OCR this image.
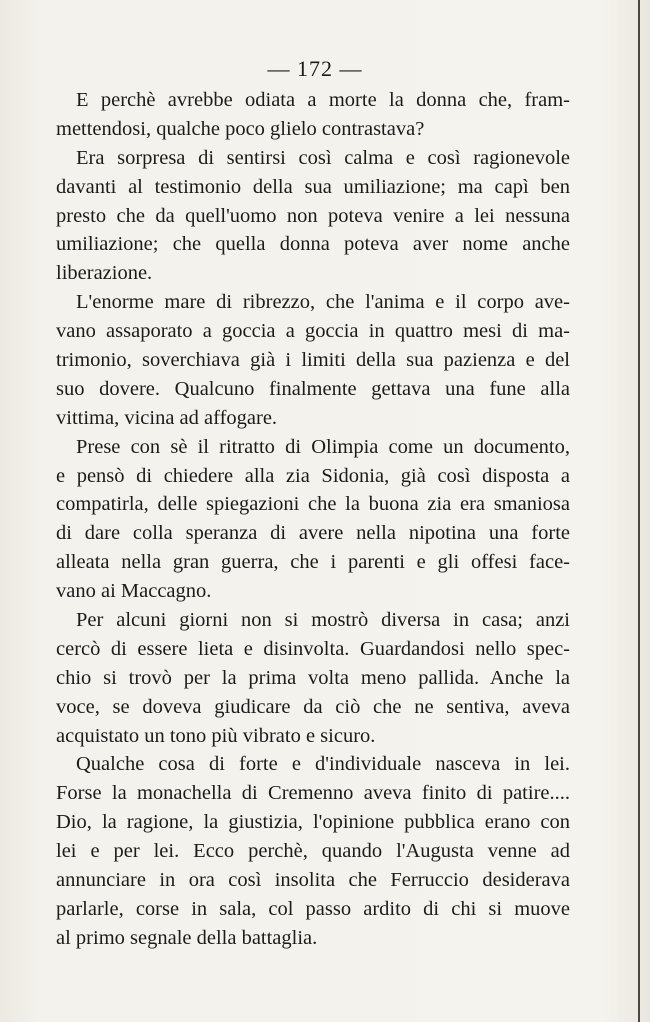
— 172 —
E perchè avrebbe odiata a morte la donna che, fram-
mettendosi, qualche poco glielo contrastava?
Era sorpresa di sentirsi così calma e così ragionevole
davanti al testimonio della sua umiliazione; ma capì ben
presto che da quell'uomo non poteva venire a lei nessuna
umiliazione; che quella donna poteva aver nome anche
liberazione.
L'enorme mare di ribrezzo, che l'anima e il corpo ave-
vano assaporato a goccia a goccia in quattro mesi di ma-
trimonio, soverchiava già i limiti della sua pazienza e del
suo dovere. Qualcuno finalmente gettava una fune alla
vittima, vicina ad affogare.
Prese con sè il ritratto di Olimpia come un documento,
e pensò di chiedere alla zia Sidonia, già così disposta a
compatirla, delle spiegazioni che la buona zia era smaniosa
di dare colla speranza di avere nella nipotina una forte
alleata nella gran guerra, che i parenti e gli offesi face-
vano ai Maccagno.
Per alcuni giorni non si mostrò diversa in casa; anzi
cercò di essere lieta e disinvolta. Guardandosi nello spec-
chio si trovò per la prima volta meno pallida. Anche la
voce, se doveva giudicare da ciò che ne sentiva, aveva
acquistato un tono più vibrato e sicuro.
Qualche cosa di forte e d'individuale nasceva in lei.
Forse la monachella di Cremenno aveva finito di patire....
Dio, la ragione, la giustizia, l'opinione pubblica erano con
lei e per lei. Ecco perchè, quando l'Augusta venne ad
annunciare in ora così insolita che Ferruccio desiderava
parlarle, corse in sala, col passo ardito di chi si muove
al primo segnale della battaglia.
